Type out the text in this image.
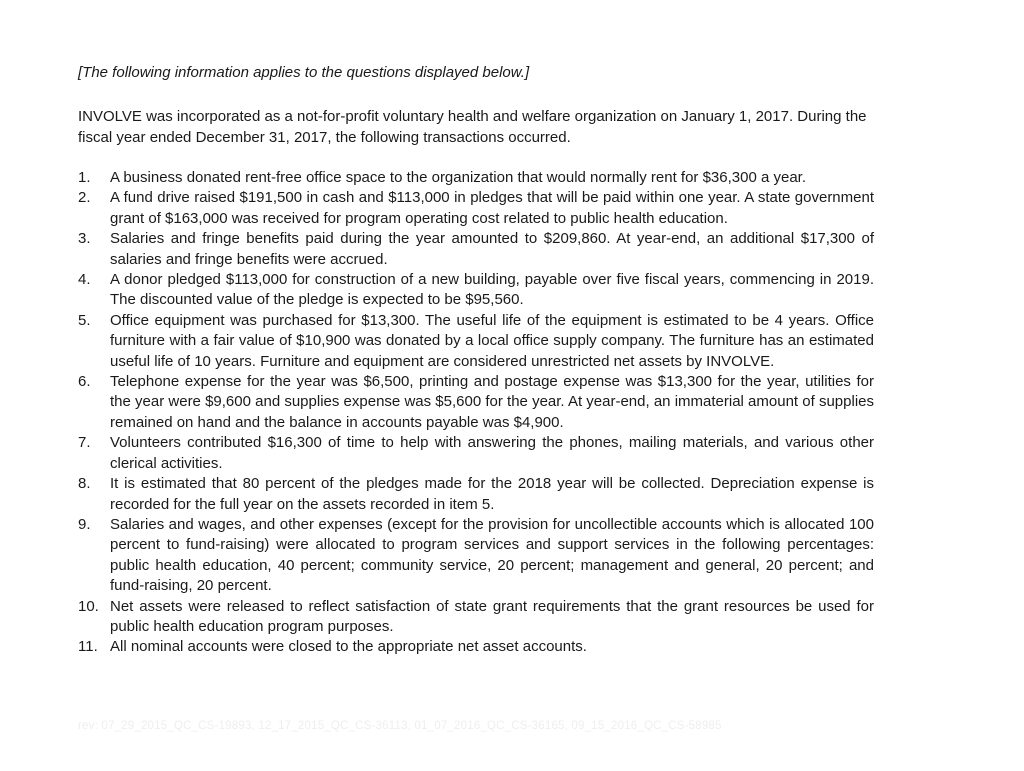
[The following information applies to the questions displayed below.]

INVOLVE was incorporated as a not-for-profit voluntary health and welfare organization on January 1, 2017. During the fiscal year ended December 31, 2017, the following transactions occurred.

1.	A business donated rent-free office space to the organization that would normally rent for $36,300 a year.
2.	A fund drive raised $191,500 in cash and $113,000 in pledges that will be paid within one year. A state government grant of $163,000 was received for program operating cost related to public health education.
3.	Salaries and fringe benefits paid during the year amounted to $209,860. At year-end, an additional $17,300 of salaries and fringe benefits were accrued.
4.	A donor pledged $113,000 for construction of a new building, payable over five fiscal years, commencing in 2019. The discounted value of the pledge is expected to be $95,560.
5.	Office equipment was purchased for $13,300. The useful life of the equipment is estimated to be 4 years. Office furniture with a fair value of $10,900 was donated by a local office supply company. The furniture has an estimated useful life of 10 years. Furniture and equipment are considered unrestricted net assets by INVOLVE.
6.	Telephone expense for the year was $6,500, printing and postage expense was $13,300 for the year, utilities for the year were $9,600 and supplies expense was $5,600 for the year. At year-end, an immaterial amount of supplies remained on hand and the balance in accounts payable was $4,900.
7.	Volunteers contributed $16,300 of time to help with answering the phones, mailing materials, and various other clerical activities.
8.	It is estimated that 80 percent of the pledges made for the 2018 year will be collected. Depreciation expense is recorded for the full year on the assets recorded in item 5.
9.	Salaries and wages, and other expenses (except for the provision for uncollectible accounts which is allocated 100 percent to fund-raising) were allocated to program services and support services in the following percentages: public health education, 40 percent; community service, 20 percent; management and general, 20 percent; and fund-raising, 20 percent.
10. Net assets were released to reflect satisfaction of state grant requirements that the grant resources be used for public health education program purposes.
11. All nominal accounts were closed to the appropriate net asset accounts.
rev: 07_29_2015_QC_CS-19893, 12_17_2015_QC_CS-36113, 01_07_2016_QC_CS-36165, 09_15_2016_QC_CS-58985
